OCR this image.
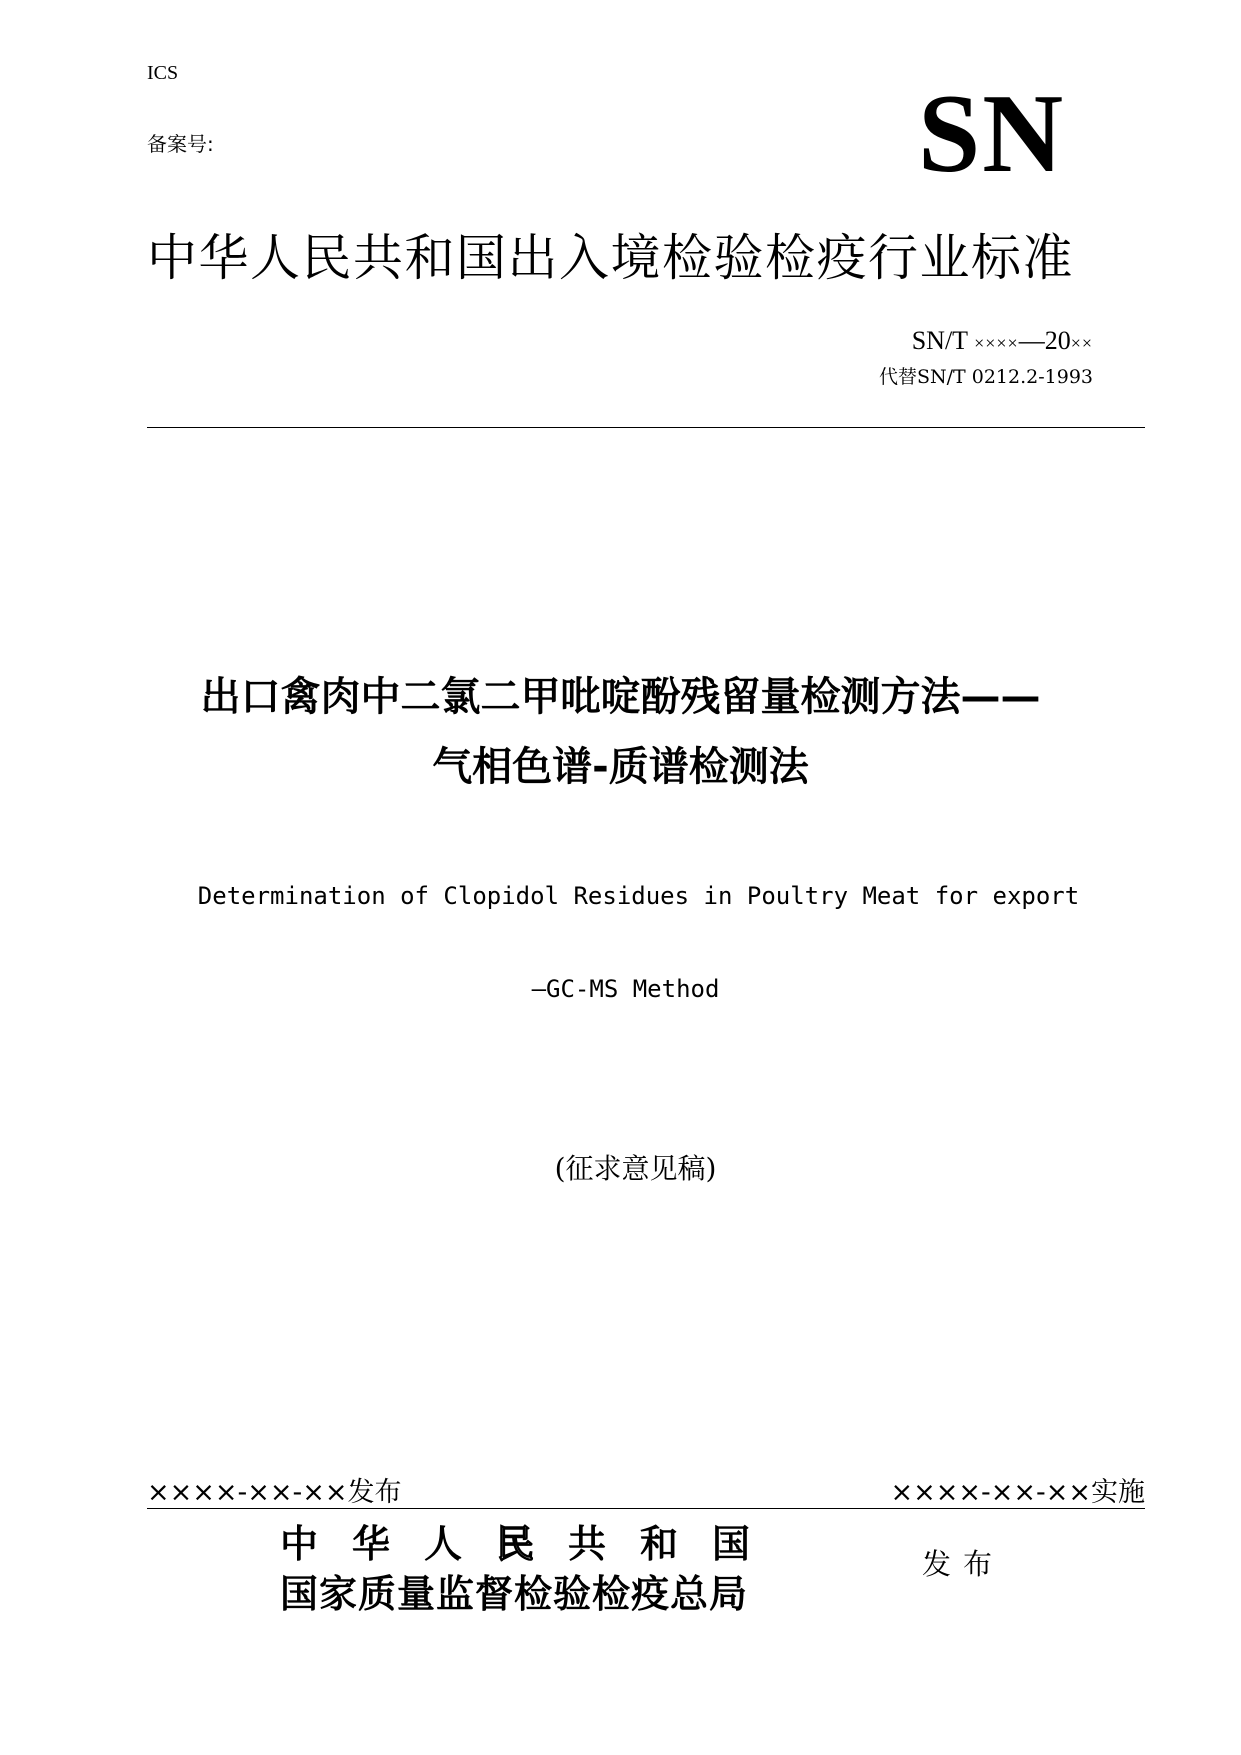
ICS
备案号:	SN
中华人民共和国出入境检验检疫行业标准
SN/T ××××—20××
代替SN/T 0212.2-1993
出口禽肉中二氯二甲吡啶酚残留量检测方法——
气相色谱-质谱检测法
Determination of Clopidol Residues in Poultry Meat for export
—GC-MS Method
(征求意见稿)
××××-××-××发布	××××-××-××实施
中华人民共和国
国家质量监督检验检疫总局
发布
